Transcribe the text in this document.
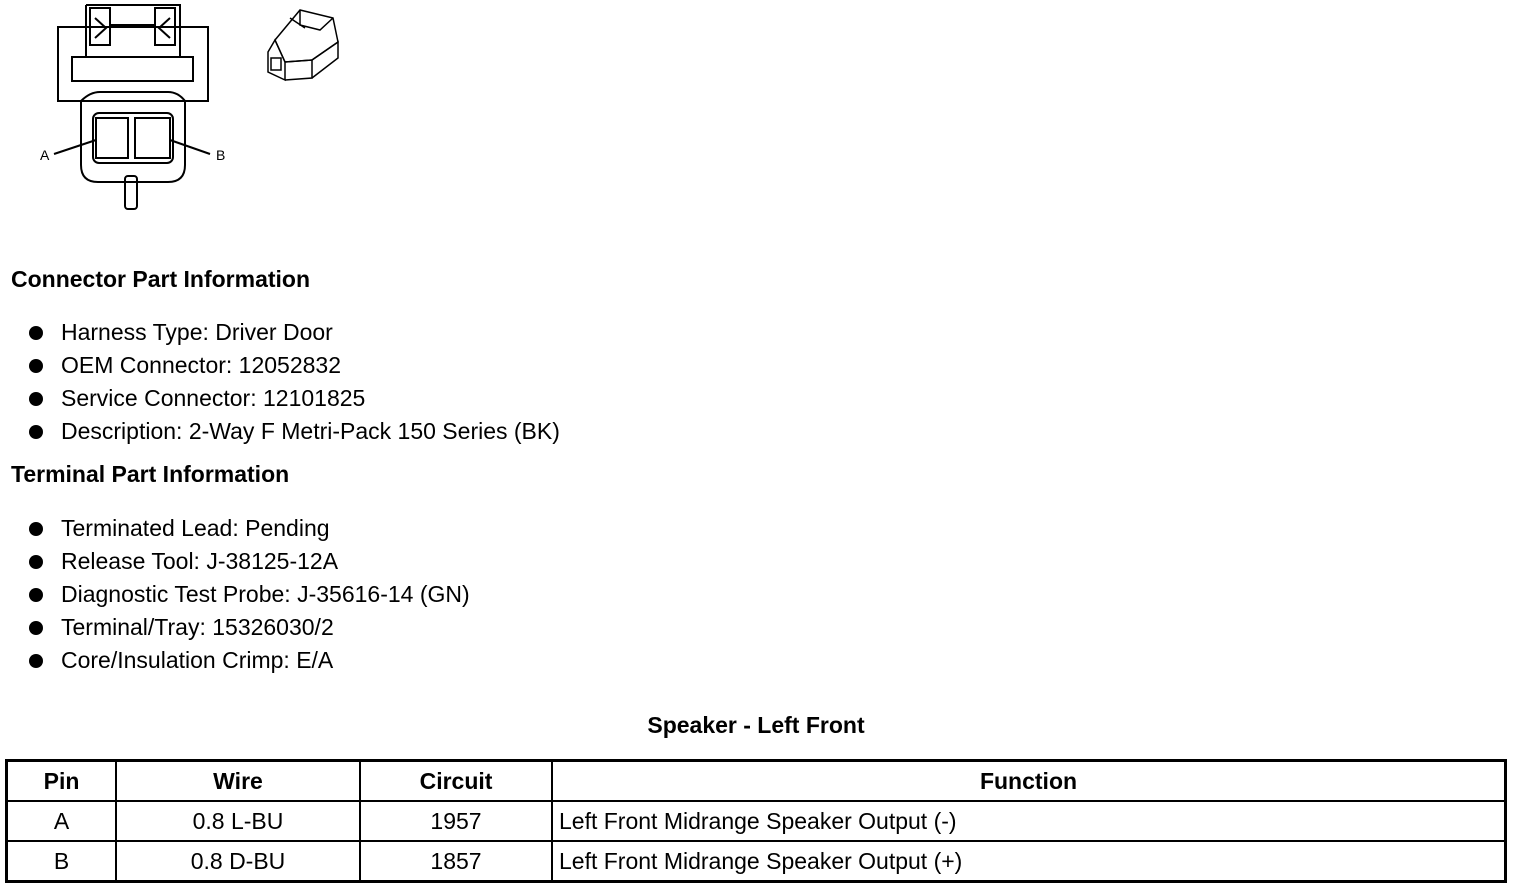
A	B
Connector Part Information
Harness Type: Driver Door
OEM Connector: 12052832
Service Connector: 12101825
Description: 2-Way F Metri-Pack 150 Series (BK)
Terminal Part Information
Terminated Lead: Pending
Release Tool: J-38125-12A
Diagnostic Test Probe: J-35616-14 (GN)
Terminal/Tray: 15326030/2
Core/Insulation Crimp: E/A
Speaker - Left Front
Pin	Wire	Circuit	Function
A	0.8 L-BU	1957	Left Front Midrange Speaker Output (-)
B	0.8 D-BU	1857	Left Front Midrange Speaker Output (+)
